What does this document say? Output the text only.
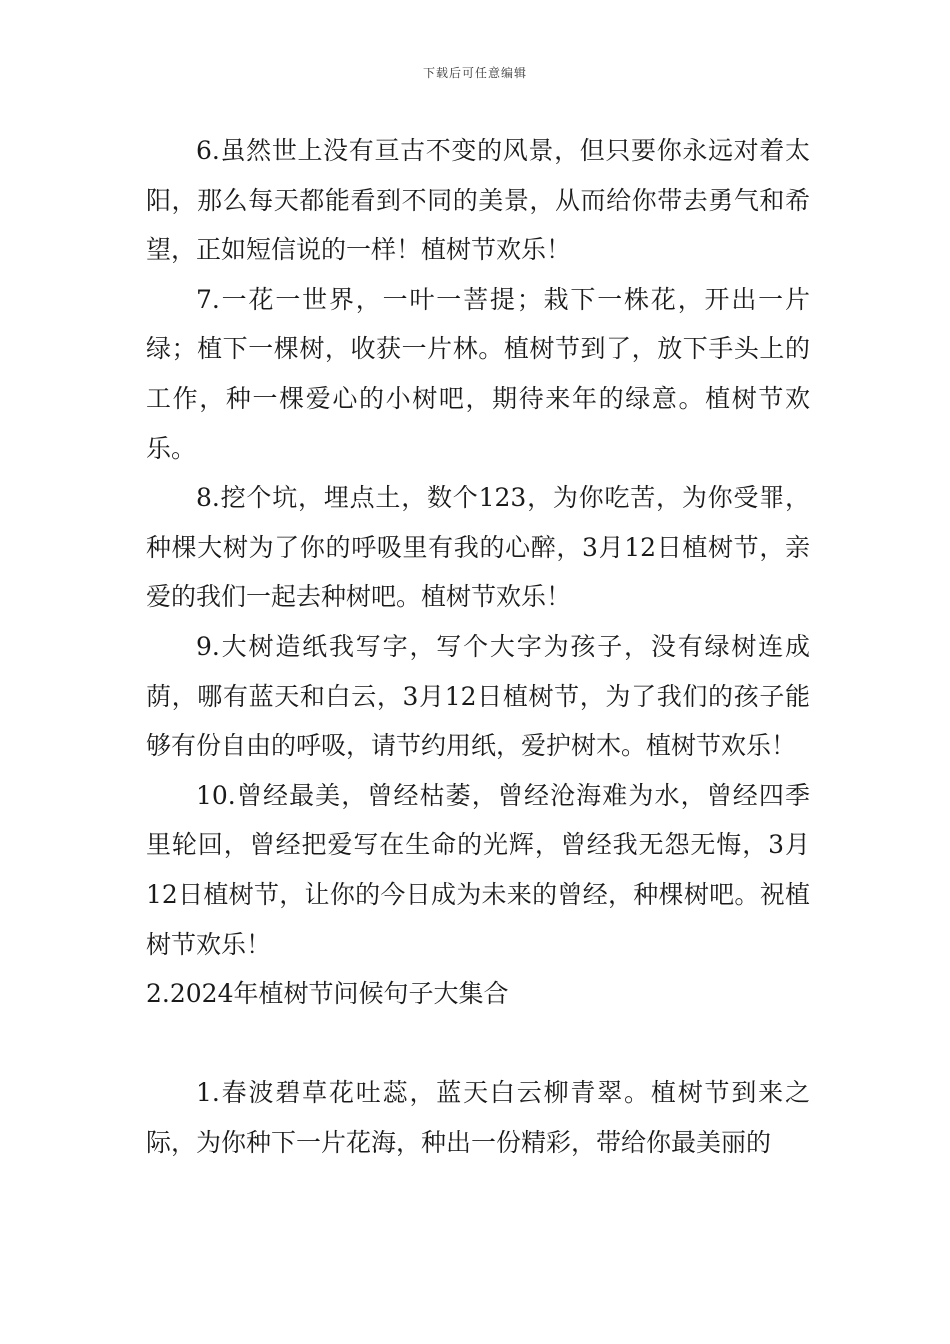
下载后可任意编辑

6.虽然世上没有亘古不变的风景，但只要你永远对着太阳，那么每天都能看到不同的美景，从而给你带去勇气和希望，正如短信说的一样！植树节欢乐！

7.一花一世界，一叶一菩提；栽下一株花，开出一片绿；植下一棵树，收获一片林。植树节到了，放下手头上的工作，种一棵爱心的小树吧，期待来年的绿意。植树节欢乐。

8.挖个坑，埋点土，数个123，为你吃苦，为你受罪，种棵大树为了你的呼吸里有我的心醉，3月12日植树节，亲爱的我们一起去种树吧。植树节欢乐！

9.大树造纸我写字，写个大字为孩子，没有绿树连成荫，哪有蓝天和白云，3月12日植树节，为了我们的孩子能够有份自由的呼吸，请节约用纸，爱护树木。植树节欢乐！

10.曾经最美，曾经枯萎，曾经沧海难为水，曾经四季里轮回，曾经把爱写在生命的光辉，曾经我无怨无悔，3月12日植树节，让你的今日成为未来的曾经，种棵树吧。祝植树节欢乐！

2.2024年植树节问候句子大集合

1.春波碧草花吐蕊，蓝天白云柳青翠。植树节到来之际，为你种下一片花海，种出一份精彩，带给你最美丽的
